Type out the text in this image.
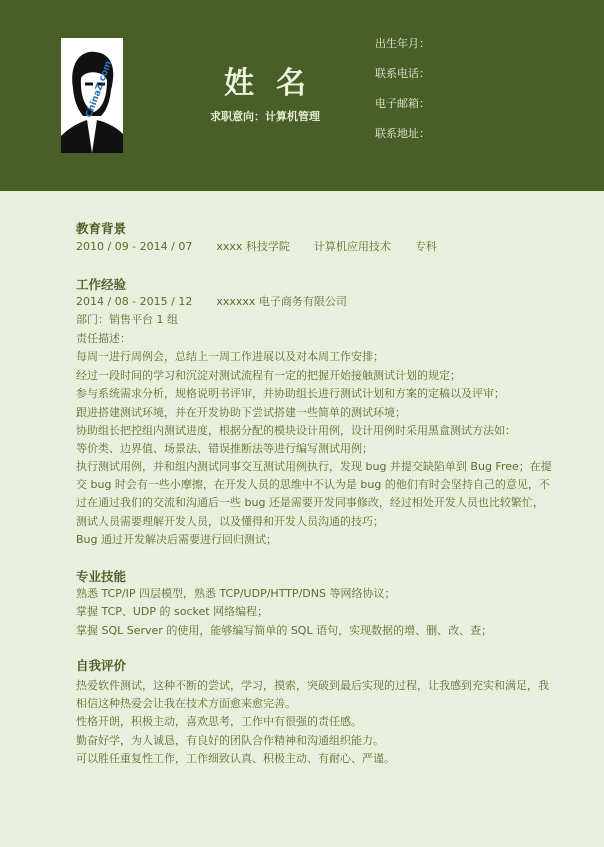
ChinaZ.com	姓名
求职意向：计算机管理
出生年月：
联系电话：
电子邮箱：
联系地址：
教育背景
2010 / 09 - 2014 / 07 xxxx 科技学院 计算机应用技术 专科
工作经验
2014 / 08 - 2015 / 12 xxxxxx 电子商务有限公司
部门：销售平台 1 组
责任描述：
每周一进行周例会，总结上一周工作进展以及对本周工作安排；
经过一段时间的学习和沉淀对测试流程有一定的把握开始接触测试计划的规定；
参与系统需求分析，规格说明书评审，并协助组长进行测试计划和方案的定稿以及评审；
跟进搭建测试环境，并在开发协助下尝试搭建一些简单的测试环境；
协助组长把控组内测试进度，根据分配的模块设计用例，设计用例时采用黑盒测试方法如：
等价类、边界值、场景法、错误推断法等进行编写测试用例；
执行测试用例，并和组内测试同事交互测试用例执行，发现 bug 并提交缺陷单到 Bug Free；在提
交 bug 时会有一些小摩擦，在开发人员的思维中不认为是 bug 的他们有时会坚持自己的意见，不
过在通过我们的交流和沟通后一些 bug 还是需要开发同事修改，经过相处开发人员也比较繁忙，
测试人员需要理解开发人员，以及懂得和开发人员沟通的技巧；
Bug 通过开发解决后需要进行回归测试；
专业技能
熟悉 TCP/IP 四层模型，熟悉 TCP/UDP/HTTP/DNS 等网络协议；
掌握 TCP、UDP 的 socket 网络编程；
掌握 SQL Server 的使用，能够编写简单的 SQL 语句，实现数据的增、删、改、查；
自我评价
热爱软件测试，这种不断的尝试，学习，摸索，突破到最后实现的过程，让我感到充实和满足，我
相信这种热爱会让我在技术方面愈来愈完善。
性格开朗，积极主动，喜欢思考，工作中有很强的责任感。
勤奋好学，为人诚恳，有良好的团队合作精神和沟通组织能力。
可以胜任重复性工作，工作细致认真、积极主动、有耐心、严谨。
